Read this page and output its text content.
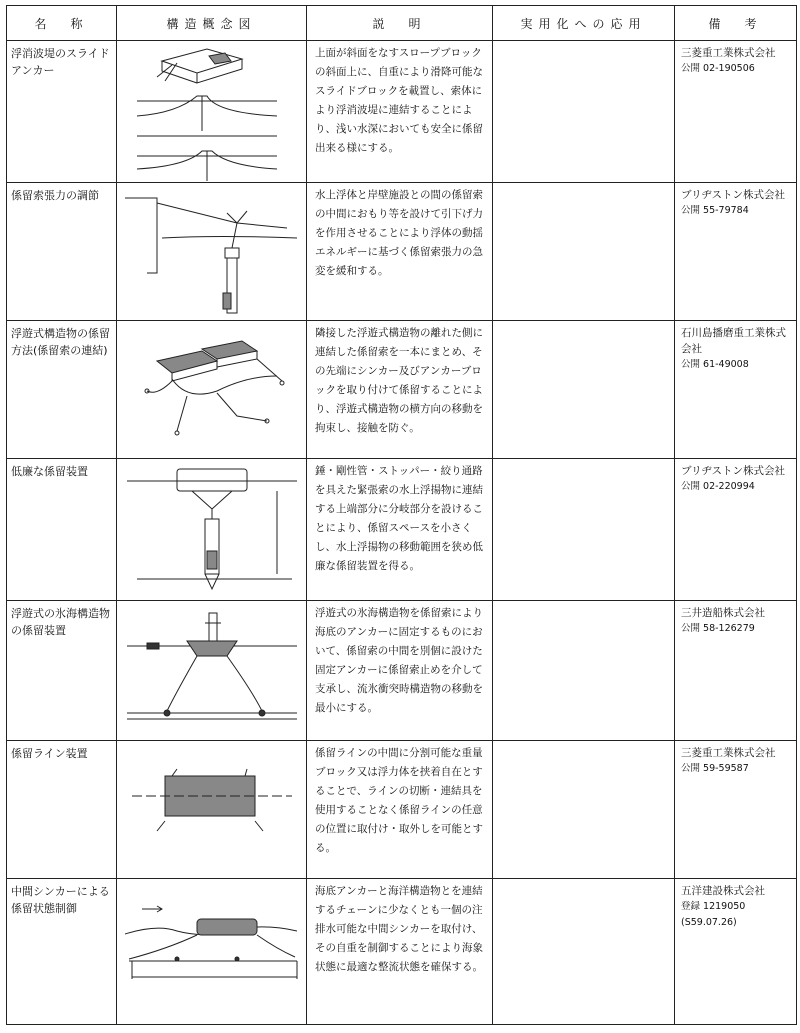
名　称	構造概念図	説　明	実用化への応用	備　考
浮消波堤のスライドアンカー		上面が斜面をなすスロープブロックの斜面上に、自重により滑降可能なスライドブロックを載置し、索体により浮消波堤に連結することにより、浅い水深においても安全に係留出来る様にする。		三菱重工業株式会社
公開 02-190506

係留索張力の調節		水上浮体と岸壁施設との間の係留索の中間におもり等を設けて引下げ力を作用させることにより浮体の動揺エネルギーに基づく係留索張力の急変を緩和する。		ブリヂストン株式会社
公開 55-79784

浮遊式構造物の係留方法(係留索の連結)		隣接した浮遊式構造物の離れた側に連結した係留索を一本にまとめ、その先端にシンカー及びアンカーブロックを取り付けて係留することにより、浮遊式構造物の横方向の移動を拘束し、接触を防ぐ。		石川島播磨重工業株式会社
公開 61-49008

低廉な係留装置		錘・剛性管・ストッパー・絞り通路を具えた緊張索の水上浮揚物に連結する上端部分に分岐部分を設けることにより、係留スペースを小さくし、水上浮揚物の移動範囲を狭め低廉な係留装置を得る。		ブリヂストン株式会社
公開 02-220994

浮遊式の氷海構造物の係留装置		浮遊式の氷海構造物を係留索により海底のアンカーに固定するものにおいて、係留索の中間を別個に設けた固定アンカーに係留索止めを介して支承し、流氷衝突時構造物の移動を最小にする。		三井造船株式会社
公開 58-126279

係留ライン装置		係留ラインの中間に分割可能な重量ブロック又は浮力体を挟着自在とすることで、ラインの切断・連結具を使用することなく係留ラインの任意の位置に取付け・取外しを可能とする。		三菱重工業株式会社
公開 59-59587

中間シンカーによる係留状態制御		海底アンカーと海洋構造物とを連結するチェーンに少なくとも一個の注排水可能な中間シンカーを取付け、その自重を制御することにより海象状態に最適な整流状態を確保する。		五洋建設株式会社
登録 1219050
(S59.07.26)
